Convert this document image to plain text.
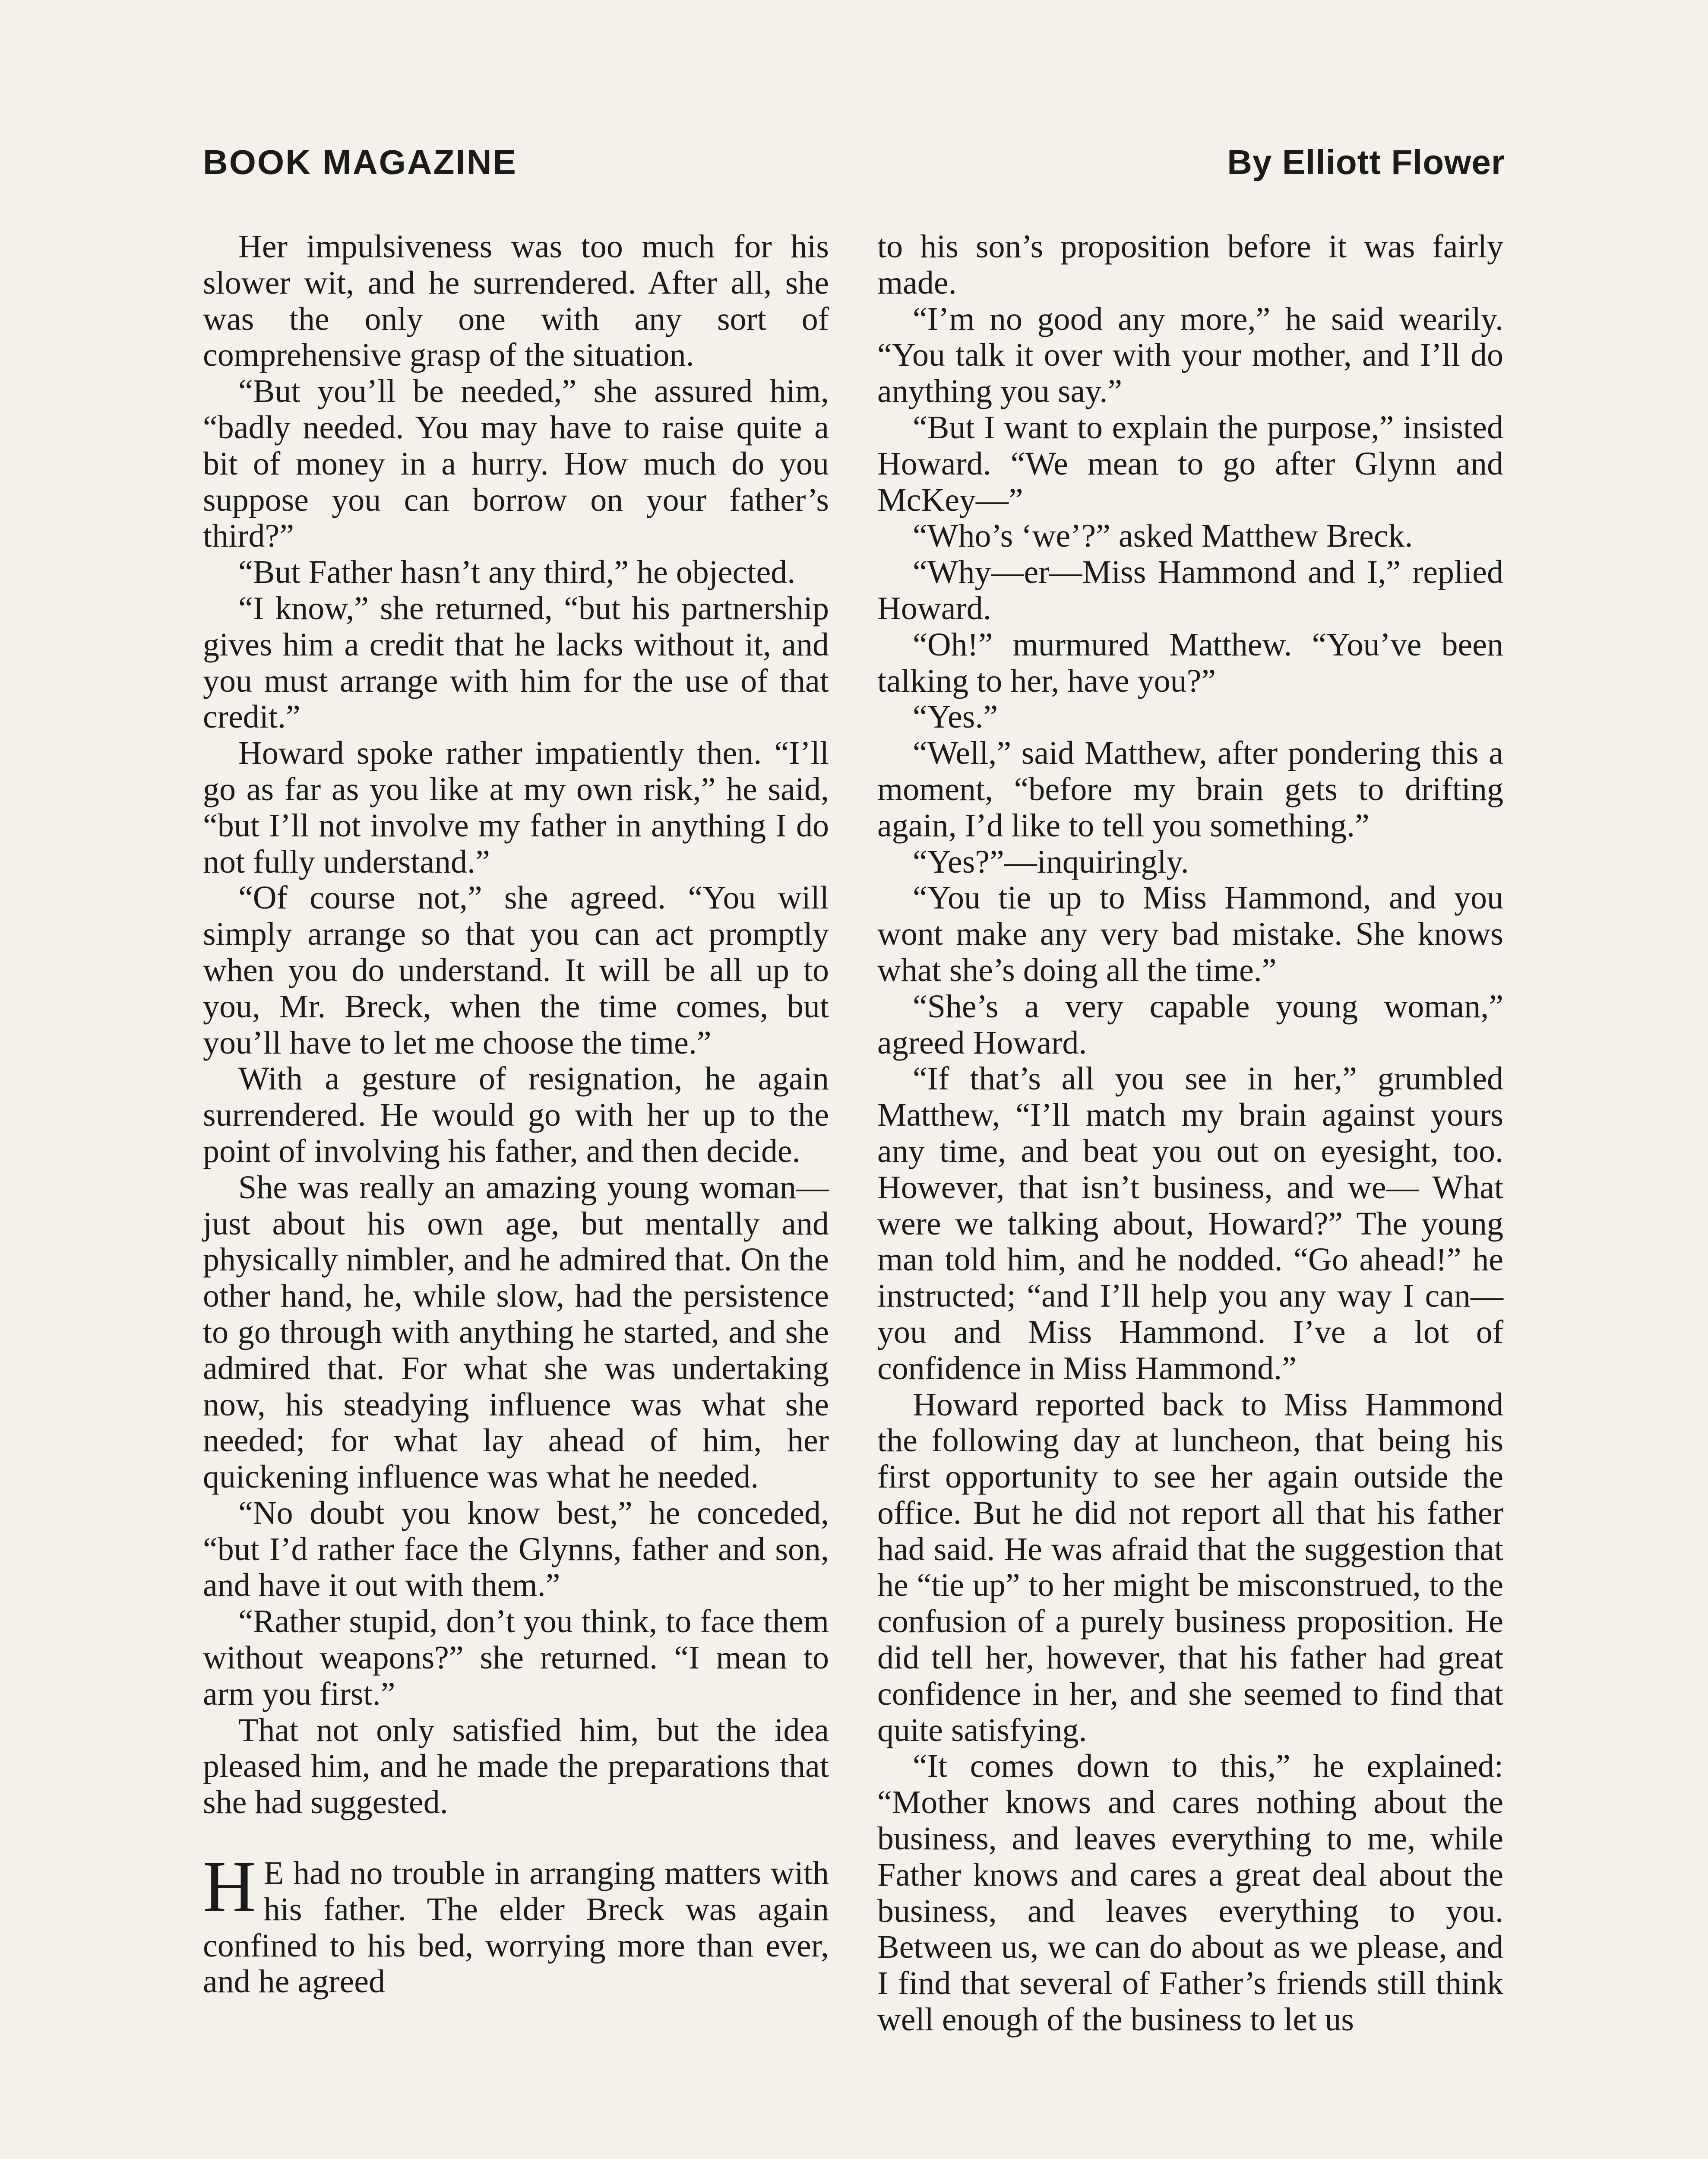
BOOK MAGAZINE	By Elliott Flower

Her impulsiveness was too much for his slower wit, and he surrendered. After all, she was the only one with any sort of comprehensive grasp of the situation.

“But you’ll be needed,” she assured him, “badly needed. You may have to raise quite a bit of money in a hurry. How much do you suppose you can borrow on your father’s third?”

“But Father hasn’t any third,” he objected.

“I know,” she returned, “but his partnership gives him a credit that he lacks without it, and you must arrange with him for the use of that credit.”

Howard spoke rather impatiently then. “I’ll go as far as you like at my own risk,” he said, “but I’ll not involve my father in anything I do not fully understand.”

“Of course not,” she agreed. “You will simply arrange so that you can act promptly when you do understand. It will be all up to you, Mr. Breck, when the time comes, but you’ll have to let me choose the time.”

With a gesture of resignation, he again surrendered. He would go with her up to the point of involving his father, and then decide.

She was really an amazing young woman—just about his own age, but mentally and physically nimbler, and he admired that. On the other hand, he, while slow, had the persistence to go through with anything he started, and she admired that. For what she was undertaking now, his steadying influence was what she needed; for what lay ahead of him, her quickening influence was what he needed.

“No doubt you know best,” he conceded, “but I’d rather face the Glynns, father and son, and have it out with them.”

“Rather stupid, don’t you think, to face them without weapons?” she returned. “I mean to arm you first.”

That not only satisfied him, but the idea pleased him, and he made the preparations that she had suggested.

H E had no trouble in arranging matters with his father. The elder Breck was again confined to his bed, worrying more than ever, and he agreed

to his son’s proposition before it was fairly made.

“I’m no good any more,” he said wearily. “You talk it over with your mother, and I’ll do anything you say.”

“But I want to explain the purpose,” insisted Howard. “We mean to go after Glynn and McKey—”

“Who’s ‘we’?” asked Matthew Breck.

“Why—er—Miss Hammond and I,” replied Howard.

“Oh!” murmured Matthew. “You’ve been talking to her, have you?”

“Yes.”

“Well,” said Matthew, after pondering this a moment, “before my brain gets to drifting again, I’d like to tell you something.”

“Yes?”—inquiringly.

“You tie up to Miss Hammond, and you wont make any very bad mistake. She knows what she’s doing all the time.”

“She’s a very capable young woman,” agreed Howard.

“If that’s all you see in her,” grumbled Matthew, “I’ll match my brain against yours any time, and beat you out on eyesight, too. However, that isn’t business, and we— What were we talking about, Howard?” The young man told him, and he nodded. “Go ahead!” he instructed; “and I’ll help you any way I can—you and Miss Hammond. I’ve a lot of confidence in Miss Hammond.”

Howard reported back to Miss Hammond the following day at luncheon, that being his first opportunity to see her again outside the office. But he did not report all that his father had said. He was afraid that the suggestion that he “tie up” to her might be misconstrued, to the confusion of a purely business proposition. He did tell her, however, that his father had great confidence in her, and she seemed to find that quite satisfying.

“It comes down to this,” he explained: “Mother knows and cares nothing about the business, and leaves everything to me, while Father knows and cares a great deal about the business, and leaves everything to you. Between us, we can do about as we please, and I find that several of Father’s friends still think well enough of the business to let us
